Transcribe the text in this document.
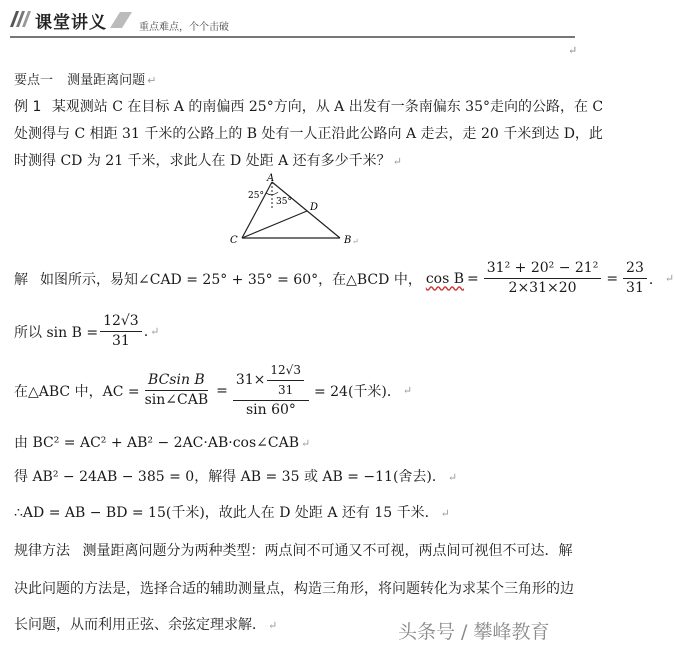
课堂讲义	重点难点，个个击破
↵
要点一 测量距离问题 ↵
例 1 某观测站 C 在目标 A 的南偏西 25°方向，从 A 出发有一条南偏东 35°走向的公路，在 C
处测得与 C 相距 31 千米的公路上的 B 处有一人正沿此公路向 A 走去，走 20 千米到达 D，此
时测得 CD 为 21 千米，求此人在 D 处距 A 还有多少千米？ ↵
A
C	B
D
25°
35°
↵
解 如图所示，易知∠CAD = 25° + 35° = 60°，在△BCD 中， $\cos B = \frac{\text{31² + 20² − 21²}}{2\times 31\times 20} = \frac{23}{31}$ ． ↵
所以 $\sin B = \frac{12√3}{31}$ . ↵
在△ABC 中，AC = $\frac{\text{BCsin B}}{\text{sin∠CAB}} = \frac{31\times \frac{12√3}{31}}{\sin 60^\circ} = 24$(千米)． ↵
由 BC² = AC² + AB² − 2AC·AB·cos∠CAB ↵
得 AB² − 24AB − 385 = 0，解得 AB = 35 或 AB = −11(舍去)． ↵
∴AD = AB − BD = 15(千米)，故此人在 D 处距 A 还有 15 千米． ↵
规律方法 测量距离问题分为两种类型：两点间不可通又不可视，两点间可视但不可达．解
决此问题的方法是，选择合适的辅助测量点，构造三角形，将问题转化为求某个三角形的边
长问题，从而利用正弦、余弦定理求解． ↵	头条号 / 攀峰教育
